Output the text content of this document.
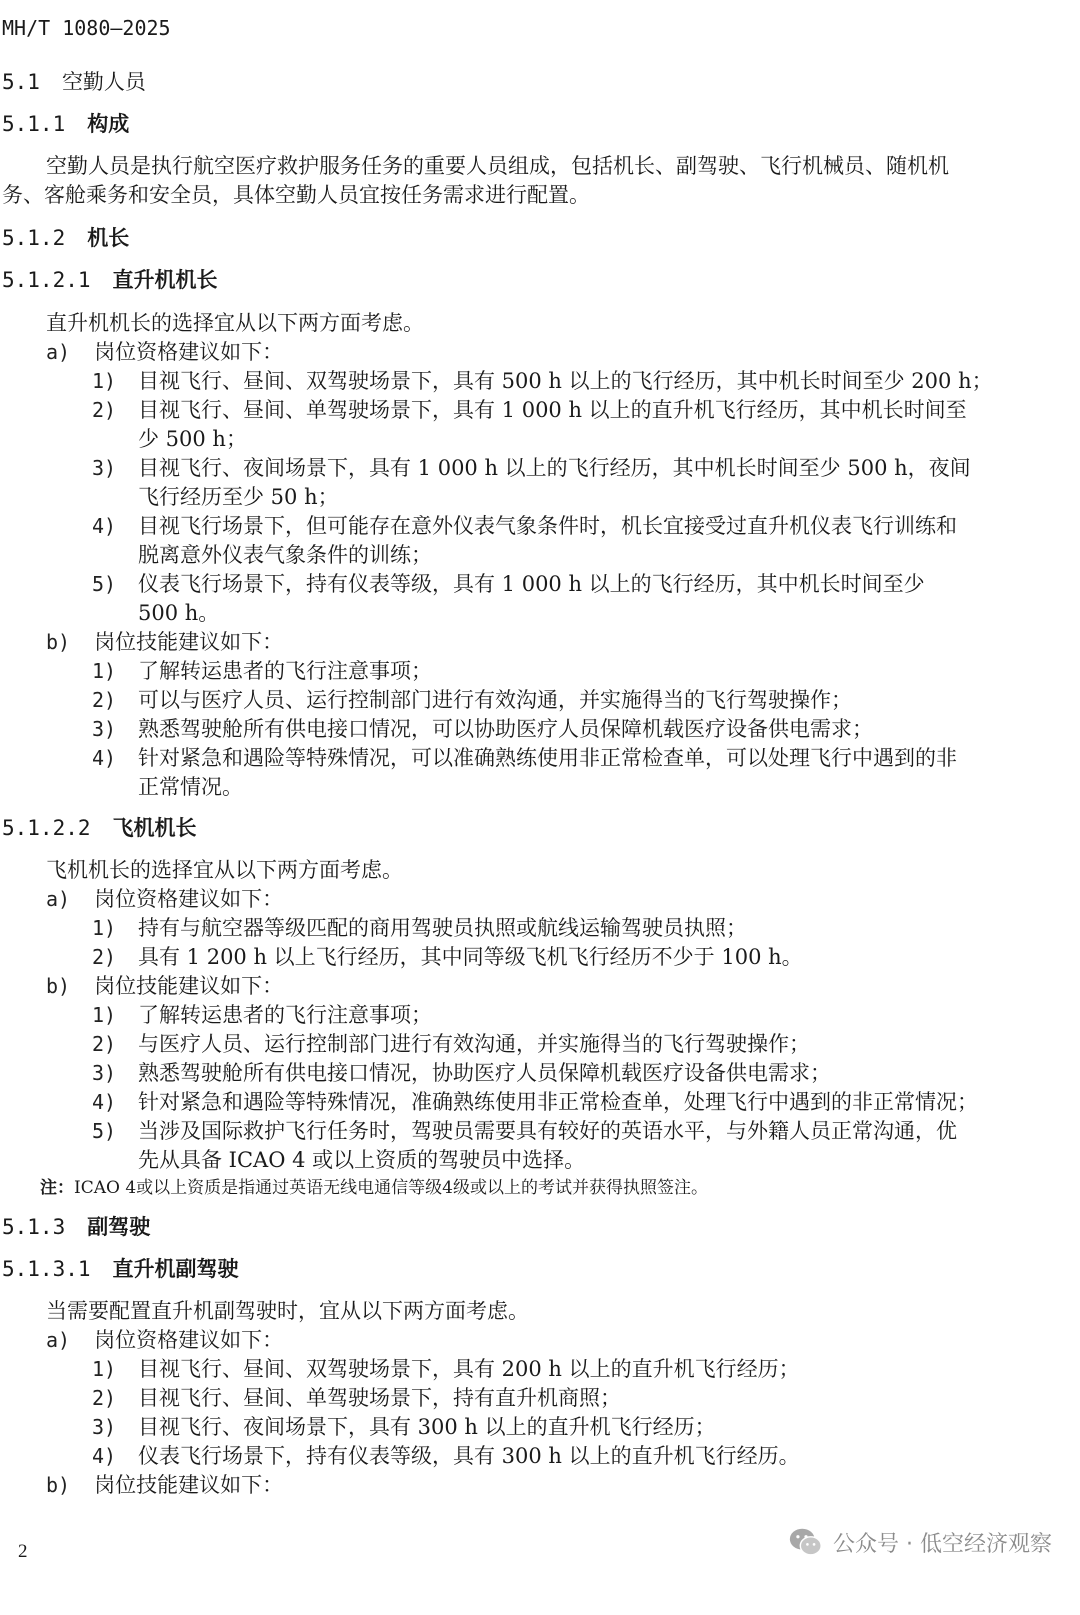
MH/T 1080—2025
5.1 空勤人员
5.1.1 构成
空勤人员是执行航空医疗救护服务任务的重要人员组成，包括机长、副驾驶、飞行机械员、随机机
务、客舱乘务和安全员，具体空勤人员宜按任务需求进行配置。
5.1.2 机长
5.1.2.1 直升机机长
直升机机长的选择宜从以下两方面考虑。
a) 岗位资格建议如下：
1) 目视飞行、昼间、双驾驶场景下，具有 500 h 以上的飞行经历，其中机长时间至少 200 h；
2) 目视飞行、昼间、单驾驶场景下，具有 1 000 h 以上的直升机飞行经历，其中机长时间至
少 500 h；
3) 目视飞行、夜间场景下，具有 1 000 h 以上的飞行经历，其中机长时间至少 500 h，夜间
飞行经历至少 50 h；
4) 目视飞行场景下，但可能存在意外仪表气象条件时，机长宜接受过直升机仪表飞行训练和
脱离意外仪表气象条件的训练；
5) 仪表飞行场景下，持有仪表等级，具有 1 000 h 以上的飞行经历，其中机长时间至少
500 h。
b) 岗位技能建议如下：
1) 了解转运患者的飞行注意事项；
2) 可以与医疗人员、运行控制部门进行有效沟通，并实施得当的飞行驾驶操作；
3) 熟悉驾驶舱所有供电接口情况，可以协助医疗人员保障机载医疗设备供电需求；
4) 针对紧急和遇险等特殊情况，可以准确熟练使用非正常检查单，可以处理飞行中遇到的非
正常情况。
5.1.2.2 飞机机长
飞机机长的选择宜从以下两方面考虑。
a) 岗位资格建议如下：
1) 持有与航空器等级匹配的商用驾驶员执照或航线运输驾驶员执照；
2) 具有 1 200 h 以上飞行经历，其中同等级飞机飞行经历不少于 100 h。
b) 岗位技能建议如下：
1) 了解转运患者的飞行注意事项；
2) 与医疗人员、运行控制部门进行有效沟通，并实施得当的飞行驾驶操作；
3) 熟悉驾驶舱所有供电接口情况，协助医疗人员保障机载医疗设备供电需求；
4) 针对紧急和遇险等特殊情况，准确熟练使用非正常检查单，处理飞行中遇到的非正常情况；
5) 当涉及国际救护飞行任务时，驾驶员需要具有较好的英语水平，与外籍人员正常沟通，优
先从具备 ICAO 4 或以上资质的驾驶员中选择。
注：ICAO 4或以上资质是指通过英语无线电通信等级4级或以上的考试并获得执照签注。
5.1.3 副驾驶
5.1.3.1 直升机副驾驶
当需要配置直升机副驾驶时，宜从以下两方面考虑。
a) 岗位资格建议如下：
1) 目视飞行、昼间、双驾驶场景下，具有 200 h 以上的直升机飞行经历；
2) 目视飞行、昼间、单驾驶场景下，持有直升机商照；
3) 目视飞行、夜间场景下，具有 300 h 以上的直升机飞行经历；
4) 仪表飞行场景下，持有仪表等级，具有 300 h 以上的直升机飞行经历。
b) 岗位技能建议如下：
2	公众号 · 低空经济观察
